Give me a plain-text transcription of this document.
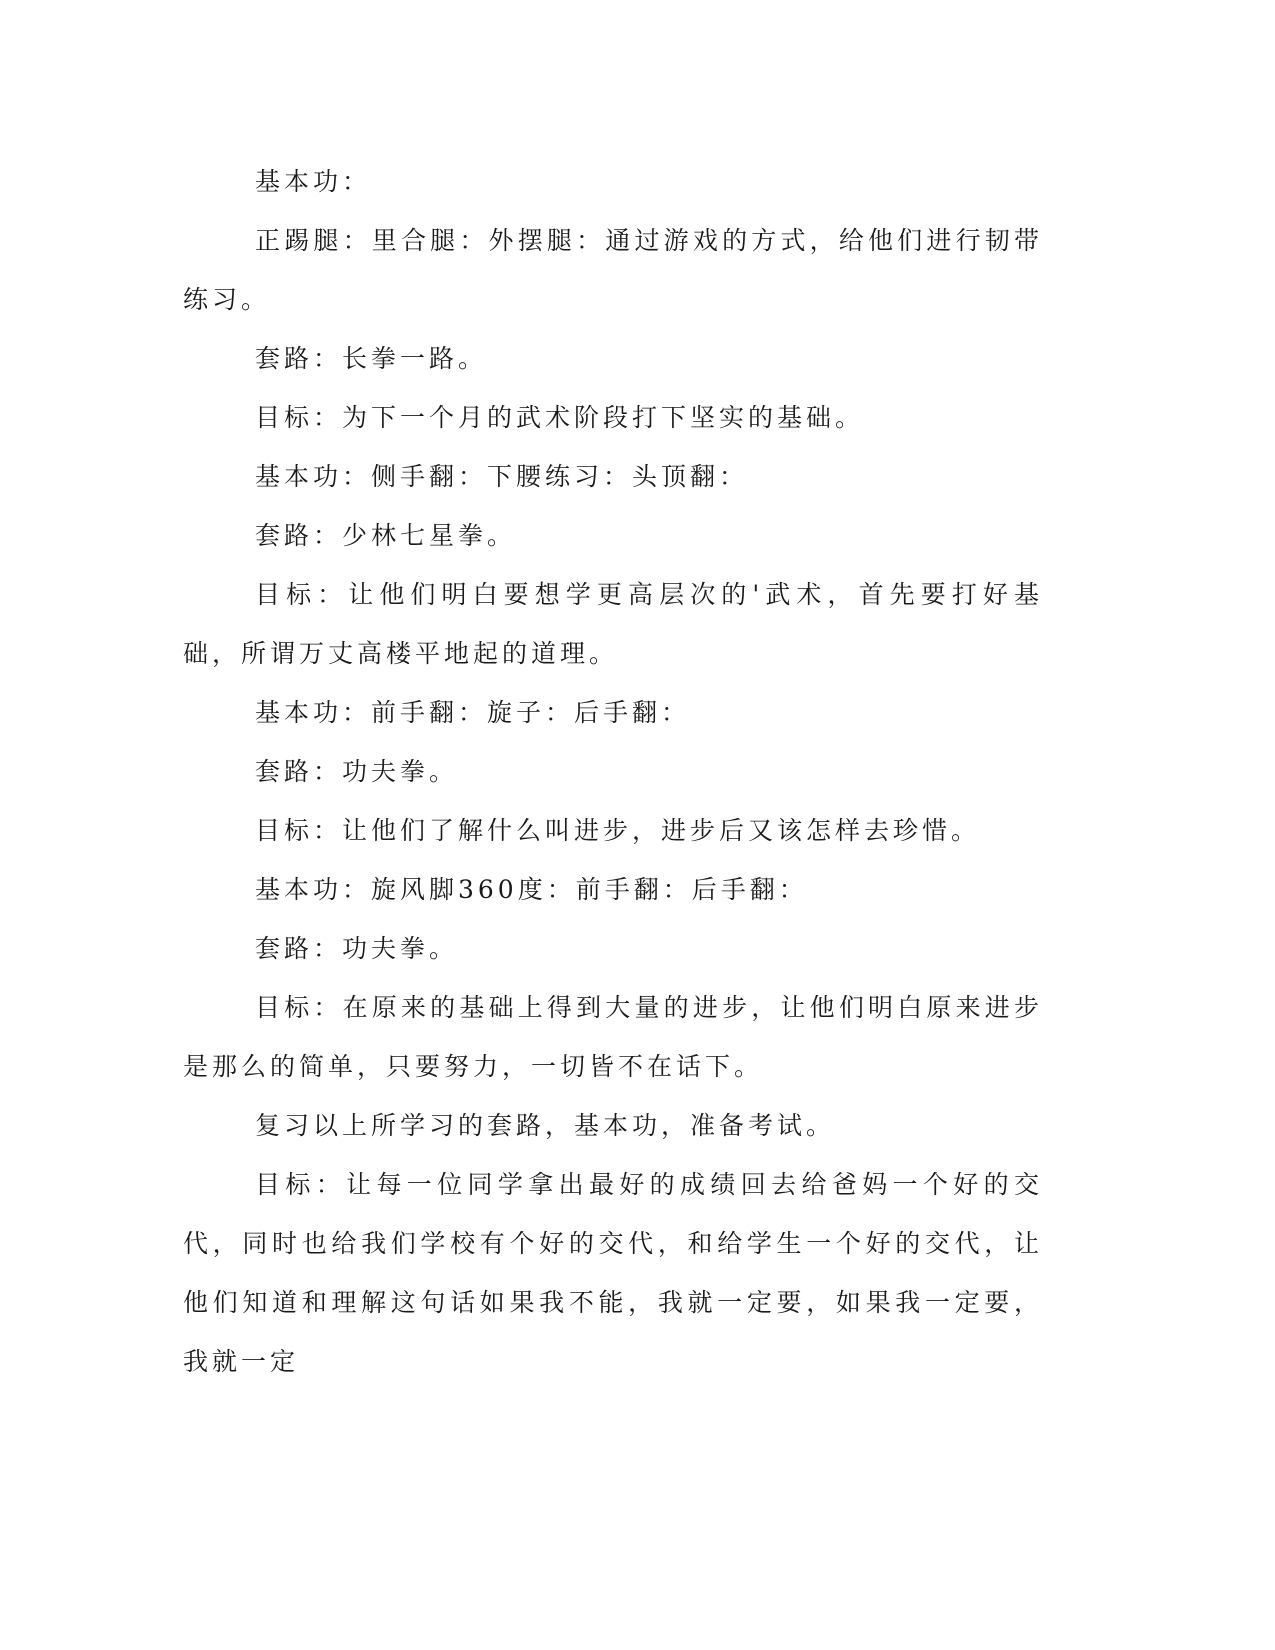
基本功：

正踢腿：里合腿：外摆腿：通过游戏的方式，给他们进行韧带练习。

套路：长拳一路。

目标：为下一个月的武术阶段打下坚实的基础。

基本功：侧手翻：下腰练习：头顶翻：

套路：少林七星拳。

目标：让他们明白要想学更高层次的'武术，首先要打好基础，所谓万丈高楼平地起的道理。

基本功：前手翻：旋子：后手翻：

套路：功夫拳。

目标：让他们了解什么叫进步，进步后又该怎样去珍惜。

基本功：旋风脚360度：前手翻：后手翻：

套路：功夫拳。

目标：在原来的基础上得到大量的进步，让他们明白原来进步是那么的简单，只要努力，一切皆不在话下。

复习以上所学习的套路，基本功，准备考试。

目标：让每一位同学拿出最好的成绩回去给爸妈一个好的交代，同时也给我们学校有个好的交代，和给学生一个好的交代，让他们知道和理解这句话如果我不能，我就一定要，如果我一定要，我就一定
